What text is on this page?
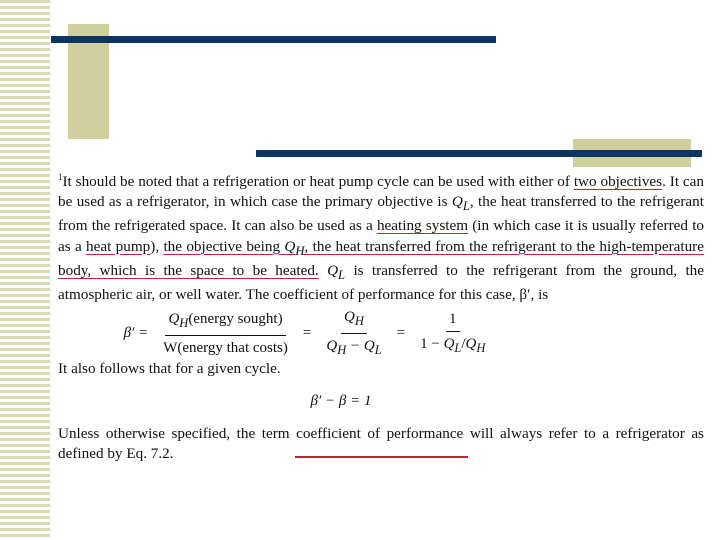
$^1$It should be noted that a refrigeration or heat pump cycle can be used with either of two objectives. It can be used as a refrigerator, in which case the primary objective is $Q_L$, the heat transferred to the refrigerant from the refrigerated space. It can also be used as a heating system (in which case it is usually referred to as a heat pump), the objective being $Q_H$, the heat transferred from the refrigerant to the high-temperature body, which is the space to be heated. $Q_L$ is transferred to the refrigerant from the ground, the atmospheric air, or well water. The coefficient of performance for this case, β′, is

$\beta' = \frac{Q_H(energy sought)}{\text{W(energy that costs)}} = \frac{Q_H}{Q_H - Q_L} = \frac{1}{1 - Q_L/Q_H}$

It also follows that for a given cycle.

β′ − β = 1

Unless otherwise specified, the term coefficient of performance will always refer to a refrigerator as defined by Eq. 7.2.
